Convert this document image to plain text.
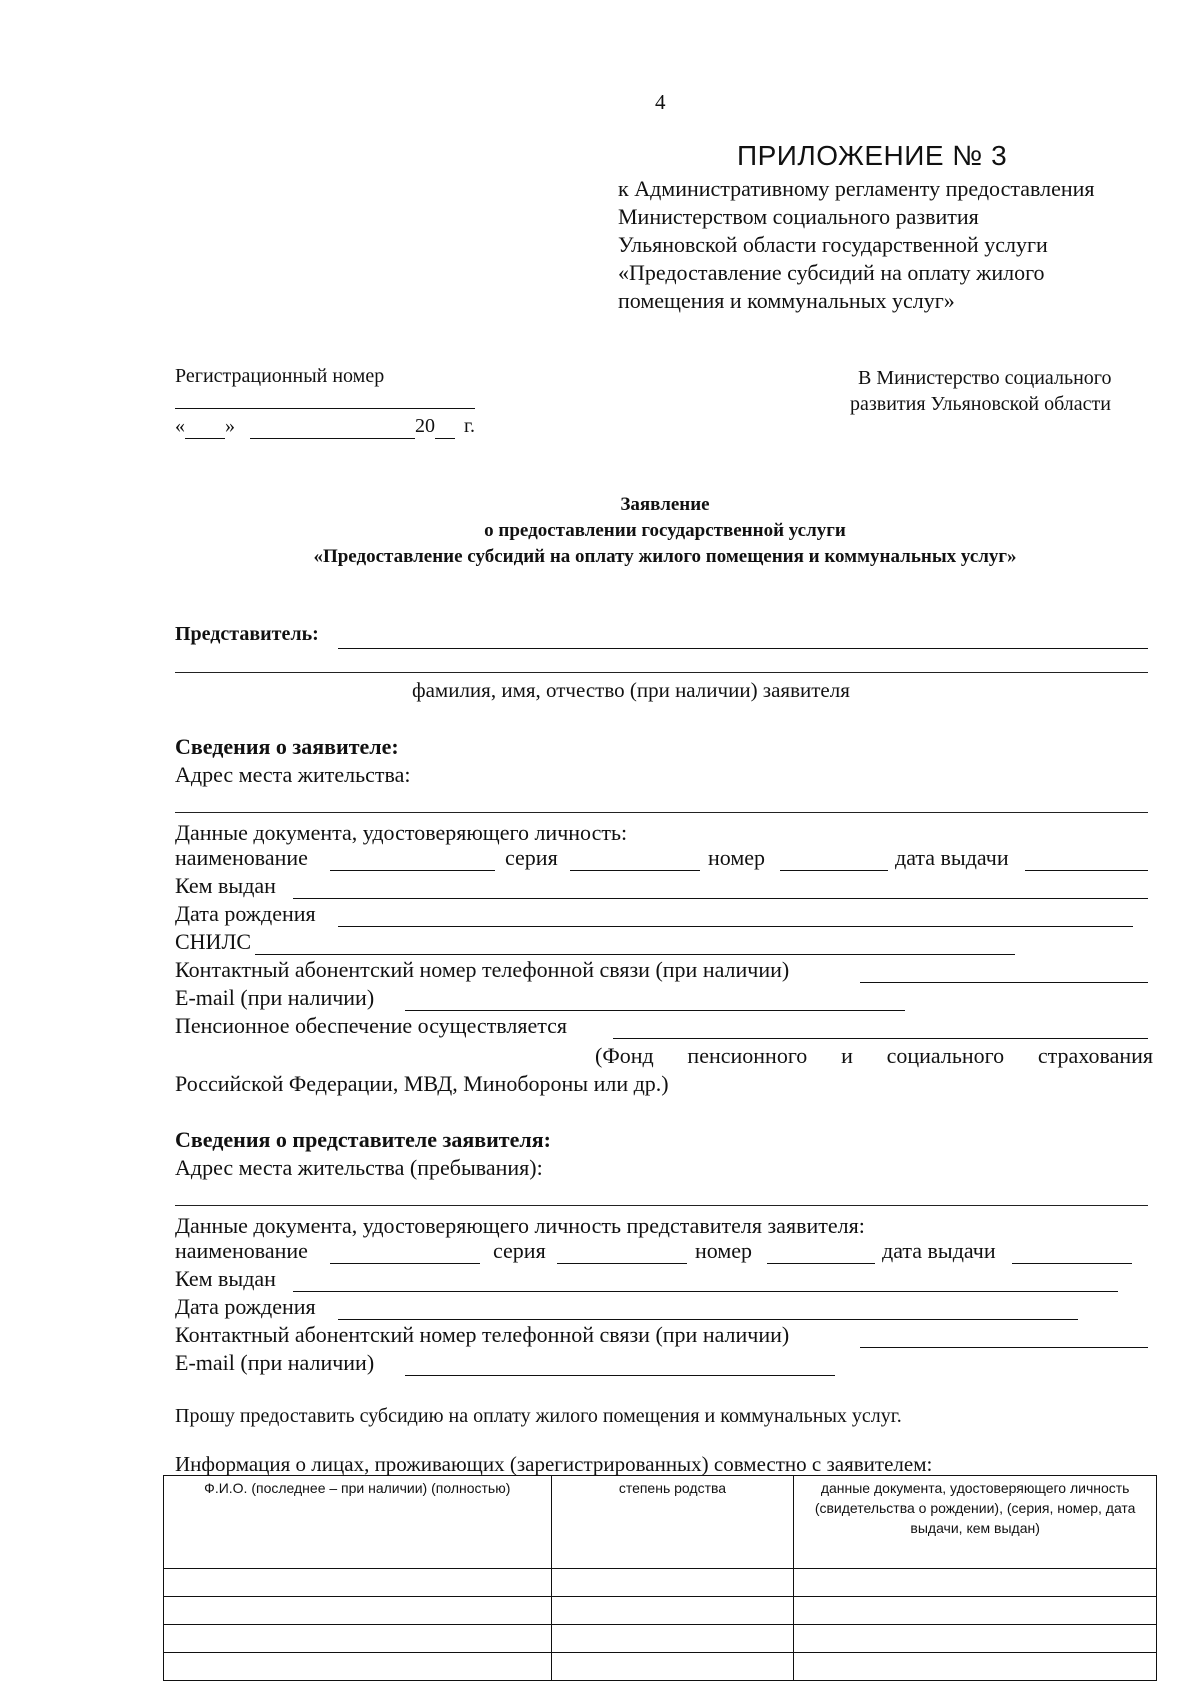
4
ПРИЛОЖЕНИЕ № 3
к Административному регламенту предоставления
Министерством социального развития
Ульяновской области государственной услуги
«Предоставление субсидий на оплату жилого
помещения и коммунальных услуг»
Регистрационный номер
« »	20 г.
В Министерство социального
развития Ульяновской области
Заявление
о предоставлении государственной услуги
«Предоставление субсидий на оплату жилого помещения и коммунальных услуг»
Представитель:
фамилия, имя, отчество (при наличии) заявителя
Сведения о заявителе:
Адрес места жительства:
Данные документа, удостоверяющего личность:
наименование	серия	номер	дата выдачи
Кем выдан
Дата рождения
СНИЛС
Контактный абонентский номер телефонной связи (при наличии)
E-mail (при наличии)
Пенсионное обеспечение осуществляется
(Фонд пенсионного и социального страхования
Российской Федерации, МВД, Минобороны или др.)
Сведения о представителе заявителя:
Адрес места жительства (пребывания):
Данные документа, удостоверяющего личность представителя заявителя:
наименование	серия	номер	дата выдачи
Кем выдан
Дата рождения
Контактный абонентский номер телефонной связи (при наличии)
E-mail (при наличии)
Прошу предоставить субсидию на оплату жилого помещения и коммунальных услуг.
Информация о лицах, проживающих (зарегистрированных) совместно с заявителем:
Ф.И.О. (последнее – при наличии) (полностью)	степень родства	данные документа, удостоверяющего личность (свидетельства о рождении), (серия, номер, дата выдачи, кем выдан)
